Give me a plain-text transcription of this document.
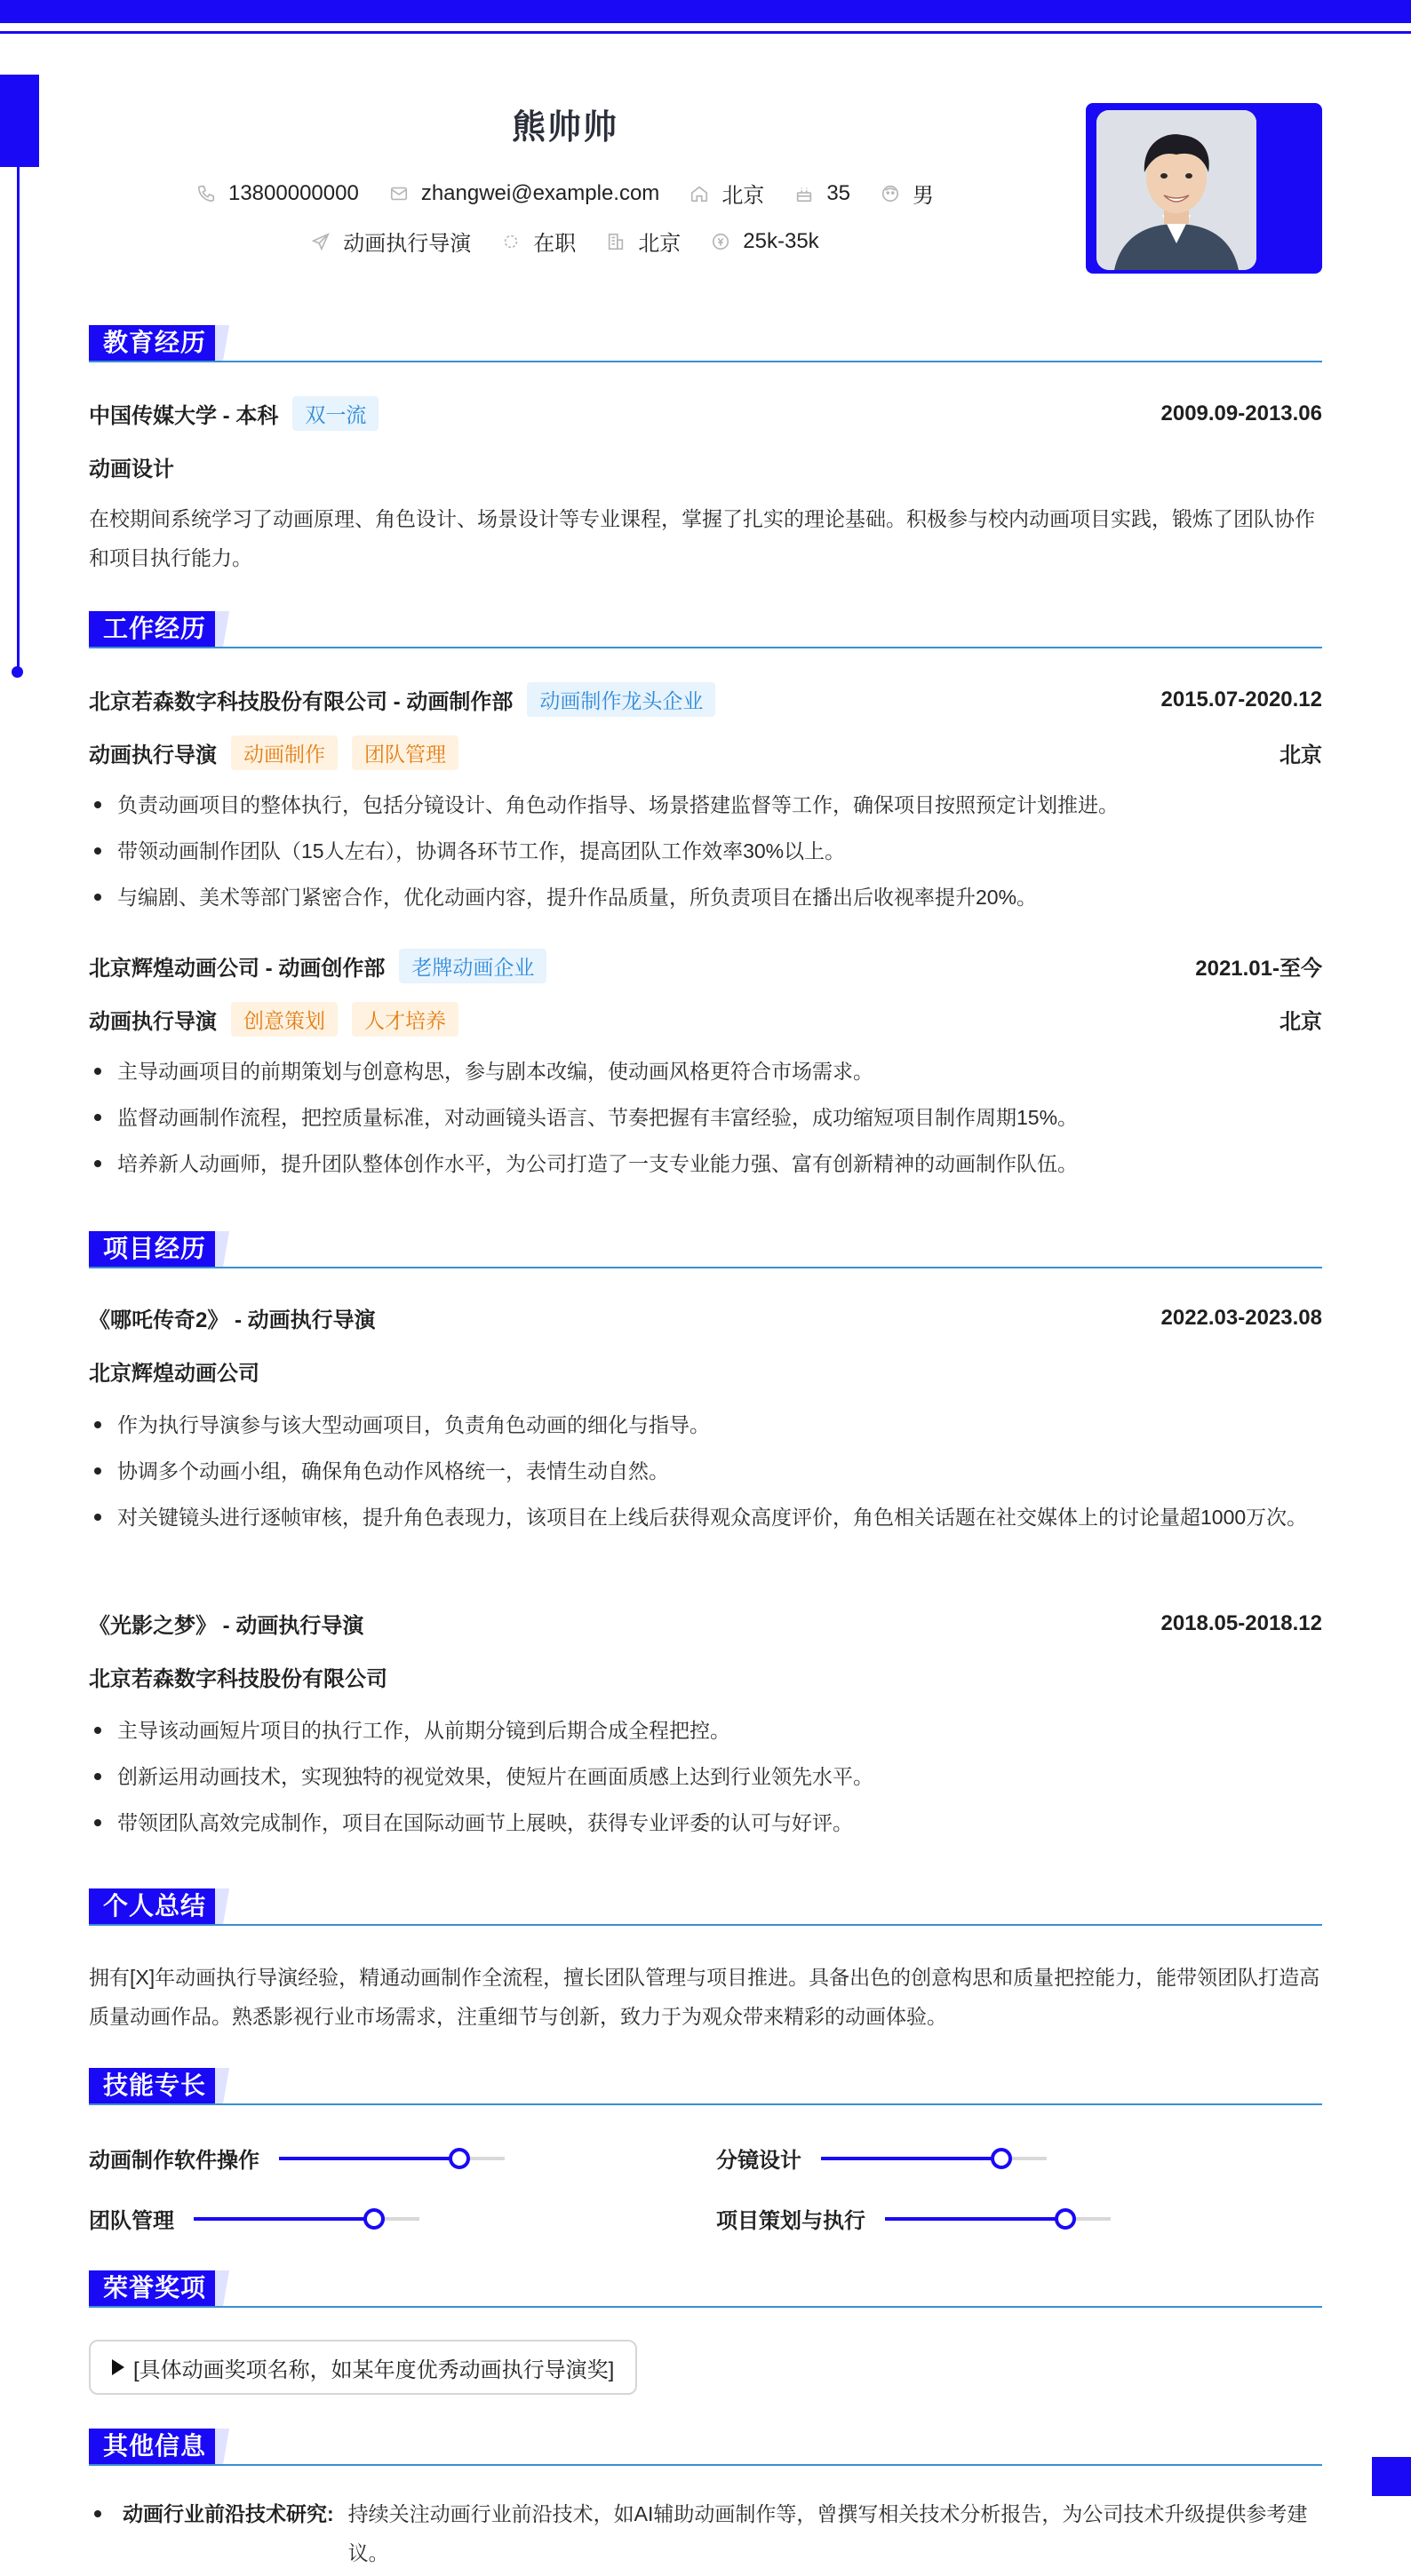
熊帅帅
13800000000	zhangwei@example.com	北京	35	男
动画执行导演	在职	北京	25k-35k
教育经历
中国传媒大学 - 本科	双一流	2009.09-2013.06
动画设计
在校期间系统学习了动画原理、角色设计、场景设计等专业课程，掌握了扎实的理论基础。积极参与校内动画项目实践，锻炼了团队协作和项目执行能力。
工作经历
北京若森数字科技股份有限公司 - 动画制作部	动画制作龙头企业	2015.07-2020.12
动画执行导演	动画制作	团队管理	北京
负责动画项目的整体执行，包括分镜设计、角色动作指导、场景搭建监督等工作，确保项目按照预定计划推进。
带领动画制作团队（15人左右），协调各环节工作，提高团队工作效率30%以上。
与编剧、美术等部门紧密合作，优化动画内容，提升作品质量，所负责项目在播出后收视率提升20%。
北京辉煌动画公司 - 动画创作部	老牌动画企业	2021.01-至今
动画执行导演	创意策划	人才培养	北京
主导动画项目的前期策划与创意构思，参与剧本改编，使动画风格更符合市场需求。
监督动画制作流程，把控质量标准，对动画镜头语言、节奏把握有丰富经验，成功缩短项目制作周期15%。
培养新人动画师，提升团队整体创作水平，为公司打造了一支专业能力强、富有创新精神的动画制作队伍。
项目经历
《哪吒传奇2》 - 动画执行导演	2022.03-2023.08
北京辉煌动画公司
作为执行导演参与该大型动画项目，负责角色动画的细化与指导。
协调多个动画小组，确保角色动作风格统一，表情生动自然。
对关键镜头进行逐帧审核，提升角色表现力，该项目在上线后获得观众高度评价，角色相关话题在社交媒体上的讨论量超1000万次。
《光影之梦》 - 动画执行导演	2018.05-2018.12
北京若森数字科技股份有限公司
主导该动画短片项目的执行工作，从前期分镜到后期合成全程把控。
创新运用动画技术，实现独特的视觉效果，使短片在画面质感上达到行业领先水平。
带领团队高效完成制作，项目在国际动画节上展映，获得专业评委的认可与好评。
个人总结
拥有[X]年动画执行导演经验，精通动画制作全流程，擅长团队管理与项目推进。具备出色的创意构思和质量把控能力，能带领团队打造高质量动画作品。熟悉影视行业市场需求，注重细节与创新，致力于为观众带来精彩的动画体验。
技能专长
动画制作软件操作	分镜设计
团队管理	项目策划与执行
荣誉奖项
[具体动画奖项名称，如某年度优秀动画执行导演奖]
其他信息
动画行业前沿技术研究: 持续关注动画行业前沿技术，如AI辅助动画制作等，曾撰写相关技术分析报告，为公司技术升级提供参考建议。
